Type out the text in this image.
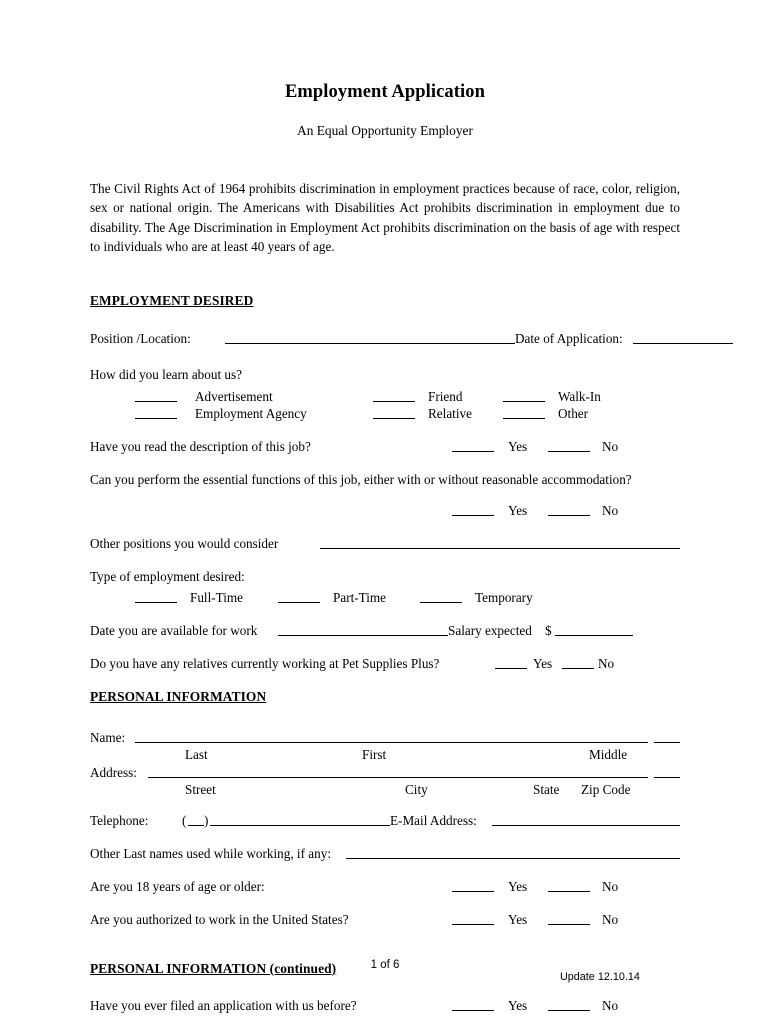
Employment Application
An Equal Opportunity Employer
The Civil Rights Act of 1964 prohibits discrimination in employment practices because of race, color, religion, sex or national origin. The Americans with Disabilities Act prohibits discrimination in employment due to disability. The Age Discrimination in Employment Act prohibits discrimination on the basis of age with respect to individuals who are at least 40 years of age.
EMPLOYMENT DESIRED
Position /Location:	Date of Application:
How did you learn about us?
Advertisement	Friend	Walk-In
Employment Agency	Relative	Other
Have you read the description of this job?	Yes	No
Can you perform the essential functions of this job, either with or without reasonable accommodation?
Yes	No
Other positions you would consider
Type of employment desired:
Full-Time	Part-Time	Temporary
Date you are available for work	Salary expected $
Do you have any relatives currently working at Pet Supplies Plus?	Yes	No
PERSONAL INFORMATION
Name:
Last	First	Middle
Address:
Street	City	State Zip Code
Telephone:	( )	E-Mail Address:
Other Last names used while working, if any:
Are you 18 years of age or older:	Yes	No
Are you authorized to work in the United States?	Yes	No
PERSONAL INFORMATION (continued)
Have you ever filed an application with us before?	Yes	No
1 of 6
Update 12.10.14
